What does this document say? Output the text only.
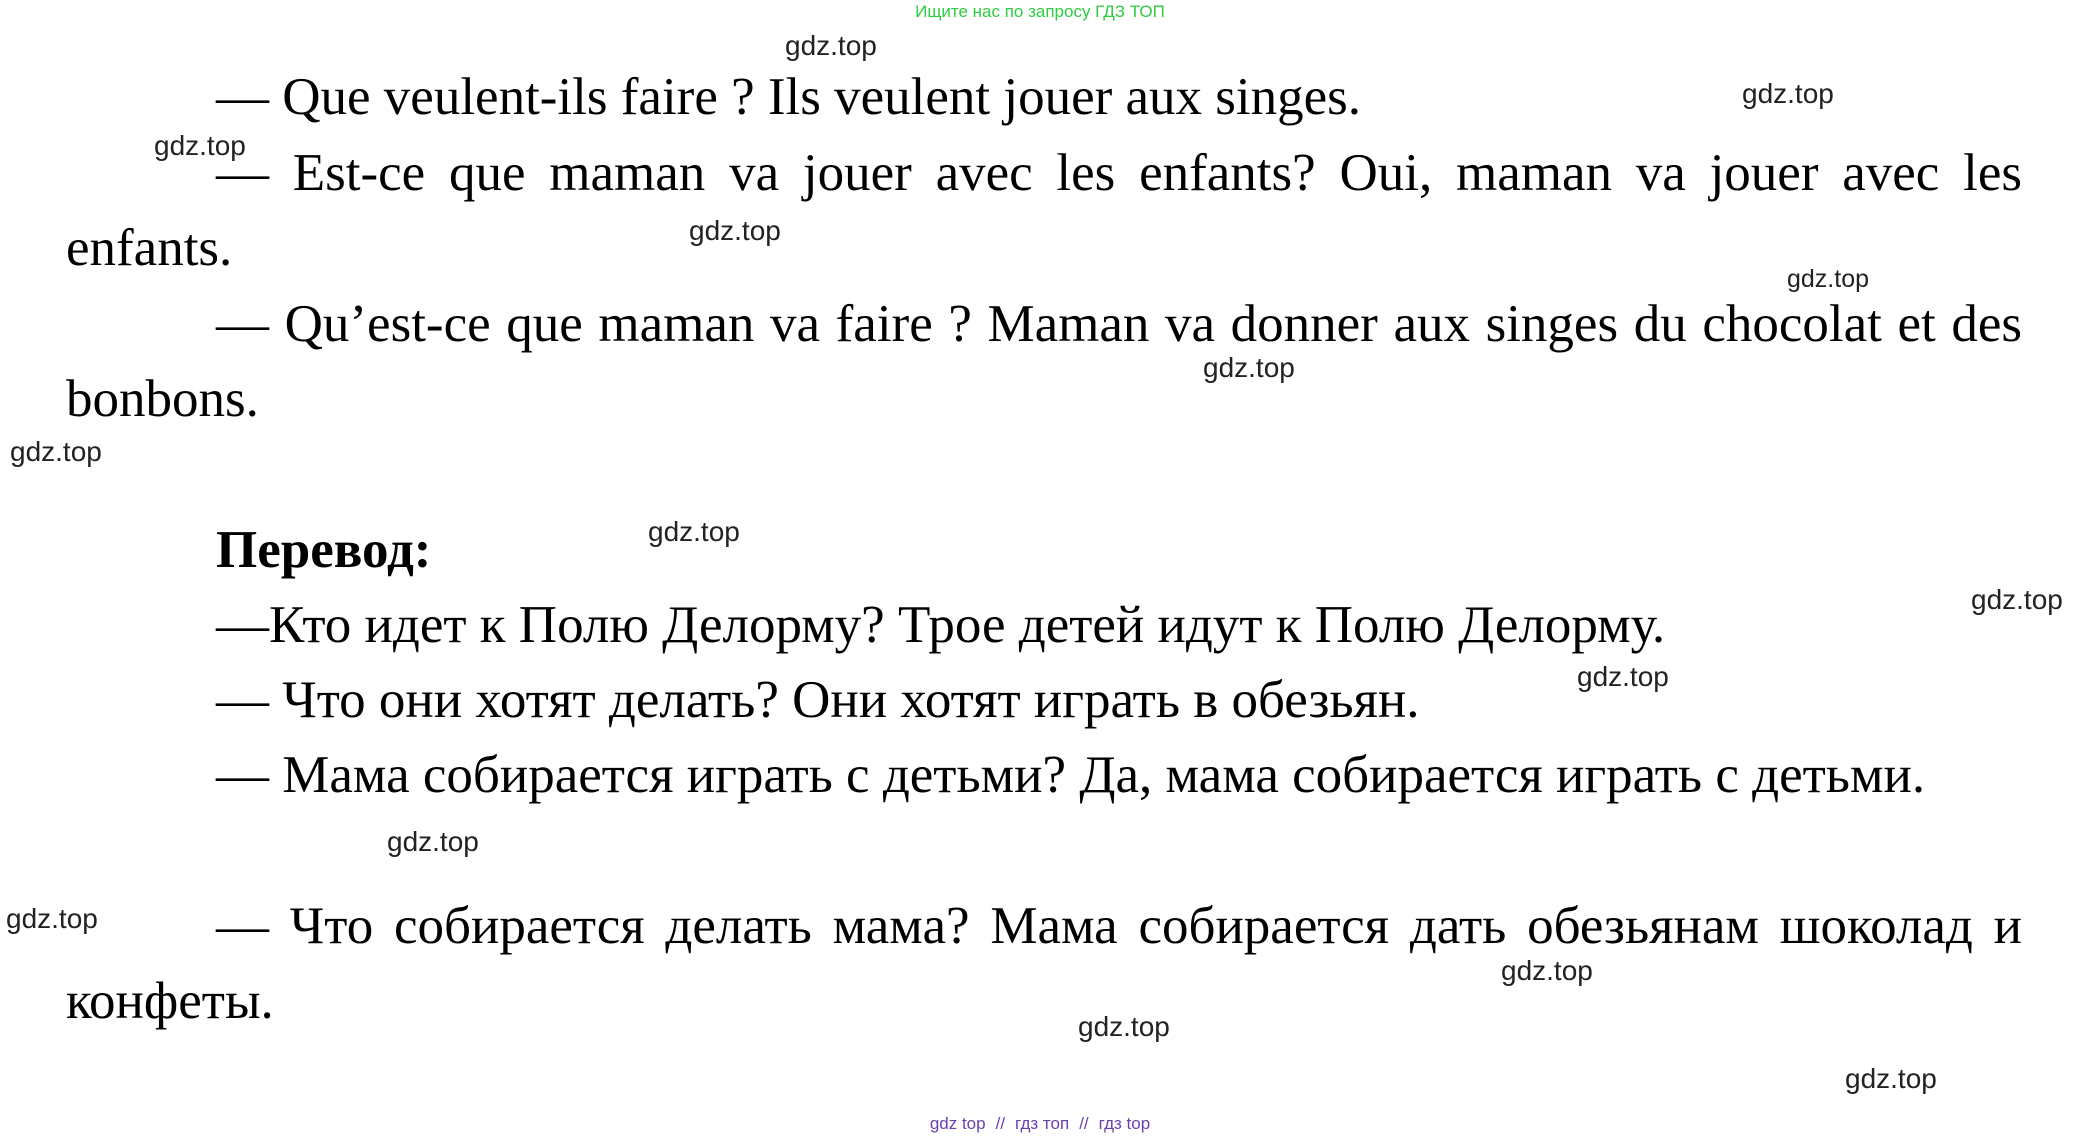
Ищите нас по запросу ГДЗ ТОП

— Que veulent-ils faire ? Ils veulent jouer aux singes.

— Est-ce que maman va jouer avec les enfants? Oui, maman va jouer avec les enfants.

— Qu’est-ce que maman va faire ? Maman va donner aux singes du chocolat et des bonbons.

Перевод:

—Кто идет к Полю Делорму? Трое детей идут к Полю Делорму.

— Что они хотят делать? Они хотят играть в обезьян.

— Мама собирается играть с детьми? Да, мама собирается играть с детьми.

— Что собирается делать мама? Мама собирается дать обезьянам шоколад и конфеты.

gdz.top
gdz.top
gdz.top
gdz.top
gdz.top
gdz.top
gdz.top
gdz.top
gdz.top
gdz.top
gdz.top
gdz.top
gdz.top
gdz.top
gdz.top
gdz top // гдз топ // гдз top
